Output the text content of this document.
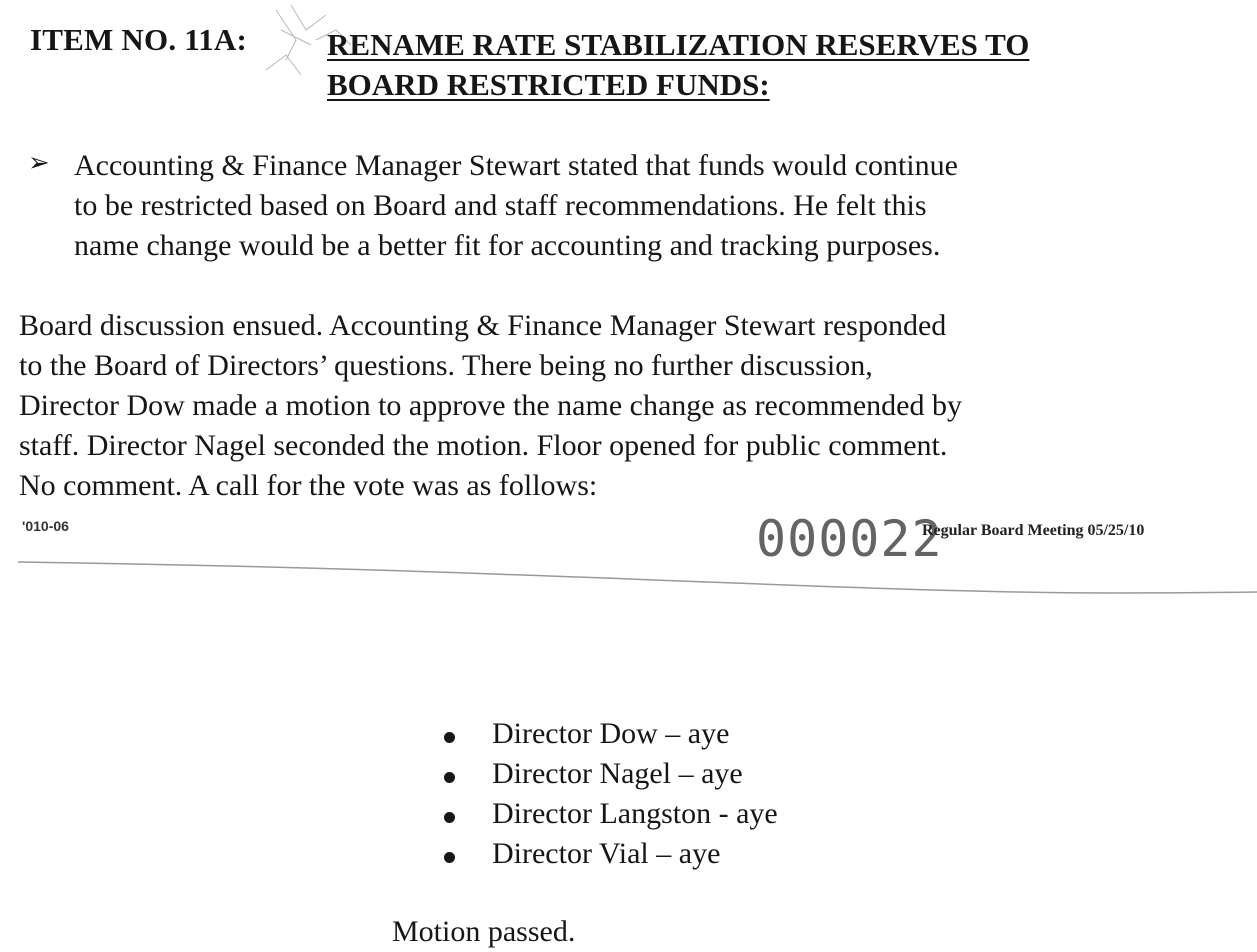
ITEM NO. 11A:	RENAME RATE STABILIZATION RESERVES TO
BOARD RESTRICTED FUNDS:
➢ Accounting & Finance Manager Stewart stated that funds would continue
to be restricted based on Board and staff recommendations. He felt this
name change would be a better fit for accounting and tracking purposes.
Board discussion ensued. Accounting & Finance Manager Stewart responded
to the Board of Directors’ questions. There being no further discussion,
Director Dow made a motion to approve the name change as recommended by
staff. Director Nagel seconded the motion. Floor opened for public comment.
No comment. A call for the vote was as follows:
'010-06	000022
Regular Board Meeting 05/25/10
Director Dow – aye
Director Nagel – aye
Director Langston - aye
Director Vial – aye
Motion passed.
